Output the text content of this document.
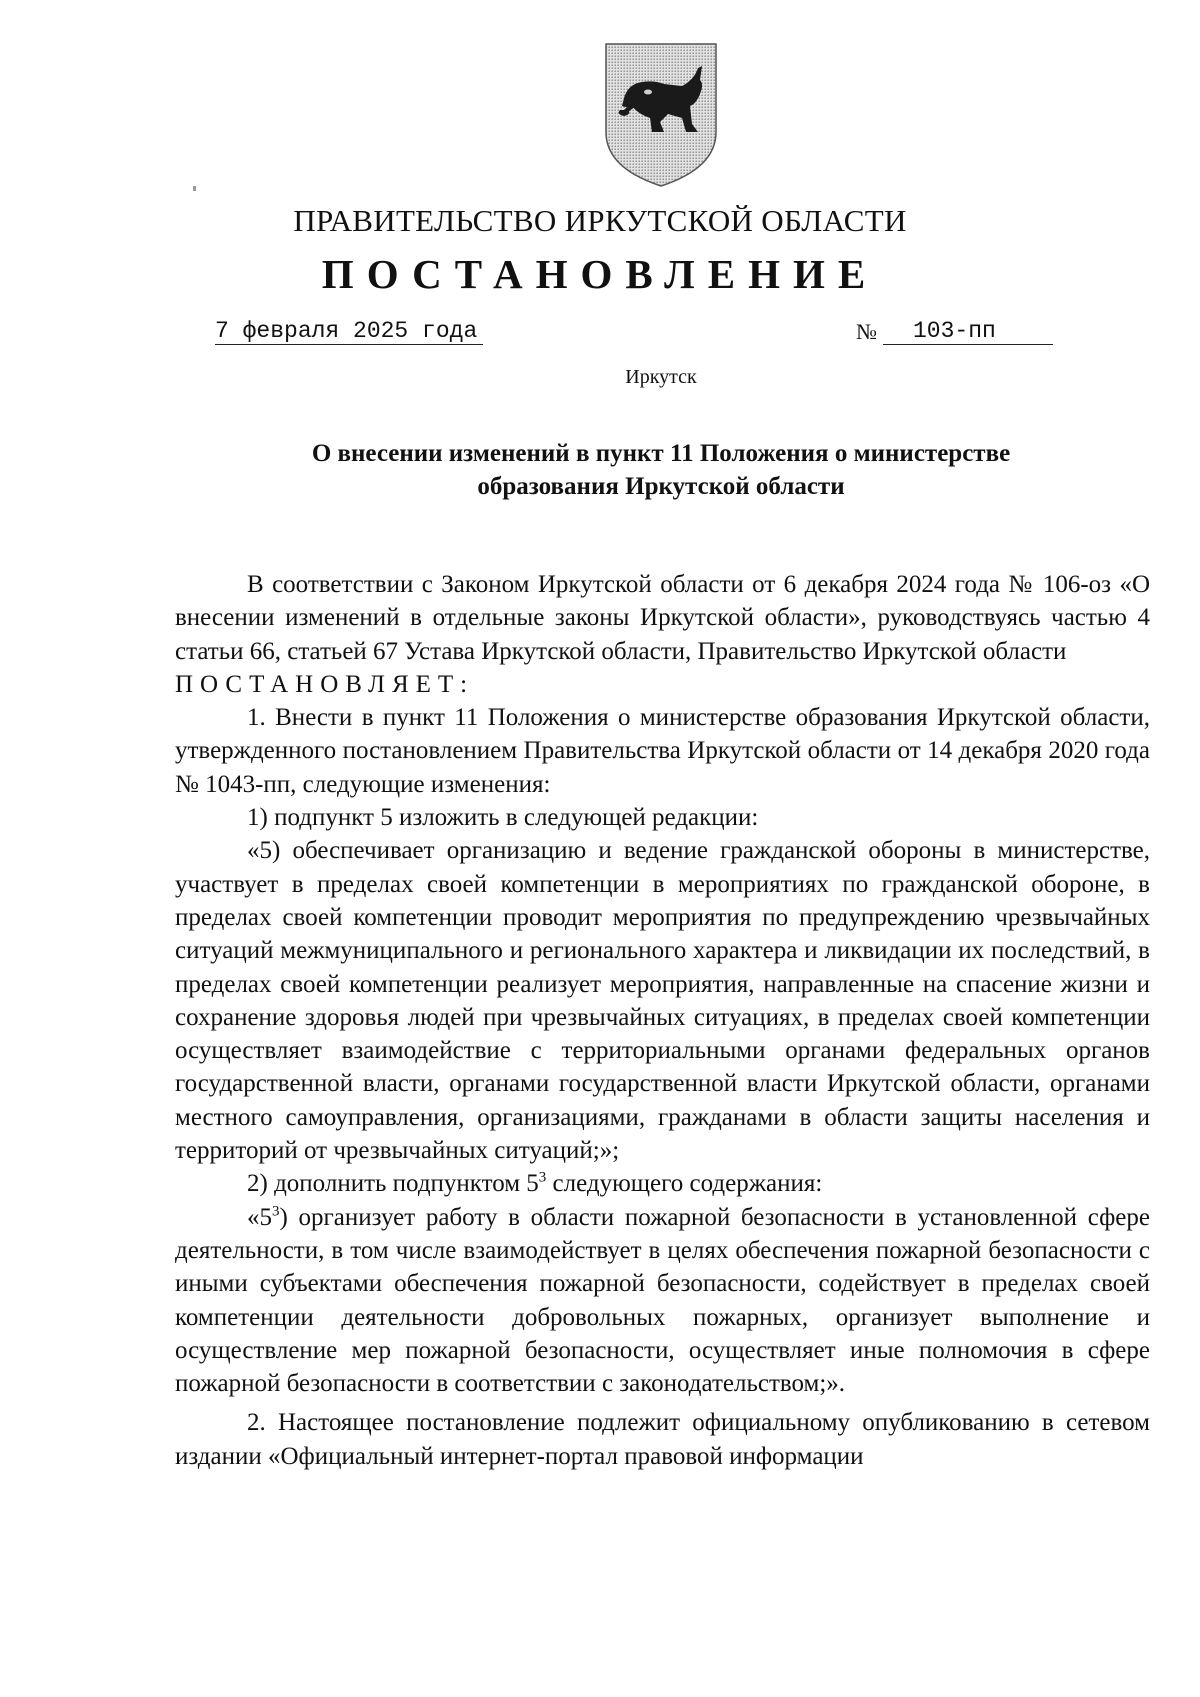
ПРАВИТЕЛЬСТВО ИРКУТСКОЙ ОБЛАСТИ
ПОСТАНОВЛЕНИЕ
7 февраля 2025 года	№	103-пп
Иркутск
О внесении изменений в пункт 11 Положения о министерстве
образования Иркутской области

В соответствии с Законом Иркутской области от 6 декабря 2024 года № 106-оз «О внесении изменений в отдельные законы Иркутской области», руководствуясь частью 4 статьи 66, статьей 67 Устава Иркутской области, Правительство Иркутской области

ПОСТАНОВЛЯЕТ:

1. Внести в пункт 11 Положения о министерстве образования Иркутской области, утвержденного постановлением Правительства Иркутской области от 14 декабря 2020 года № 1043-пп, следующие изменения:

1) подпункт 5 изложить в следующей редакции:

«5) обеспечивает организацию и ведение гражданской обороны в министерстве, участвует в пределах своей компетенции в мероприятиях по гражданской обороне, в пределах своей компетенции проводит мероприятия по предупреждению чрезвычайных ситуаций межмуниципального и регионального характера и ликвидации их последствий, в пределах своей компетенции реализует мероприятия, направленные на спасение жизни и сохранение здоровья людей при чрезвычайных ситуациях, в пределах своей компетенции осуществляет взаимодействие с территориальными органами федеральных органов государственной власти, органами государственной власти Иркутской области, органами местного самоуправления, организациями, гражданами в области защиты населения и территорий от чрезвычайных ситуаций;»;

2) дополнить подпунктом $5^3$ следующего содержания:

«$5^3$) организует работу в области пожарной безопасности в установленной сфере деятельности, в том числе взаимодействует в целях обеспечения пожарной безопасности с иными субъектами обеспечения пожарной безопасности, содействует в пределах своей компетенции деятельности добровольных пожарных, организует выполнение и осуществление мер пожарной безопасности, осуществляет иные полномочия в сфере пожарной безопасности в соответствии с законодательством;».

2. Настоящее постановление подлежит официальному опубликованию в сетевом издании «Официальный интернет-портал правовой информации
